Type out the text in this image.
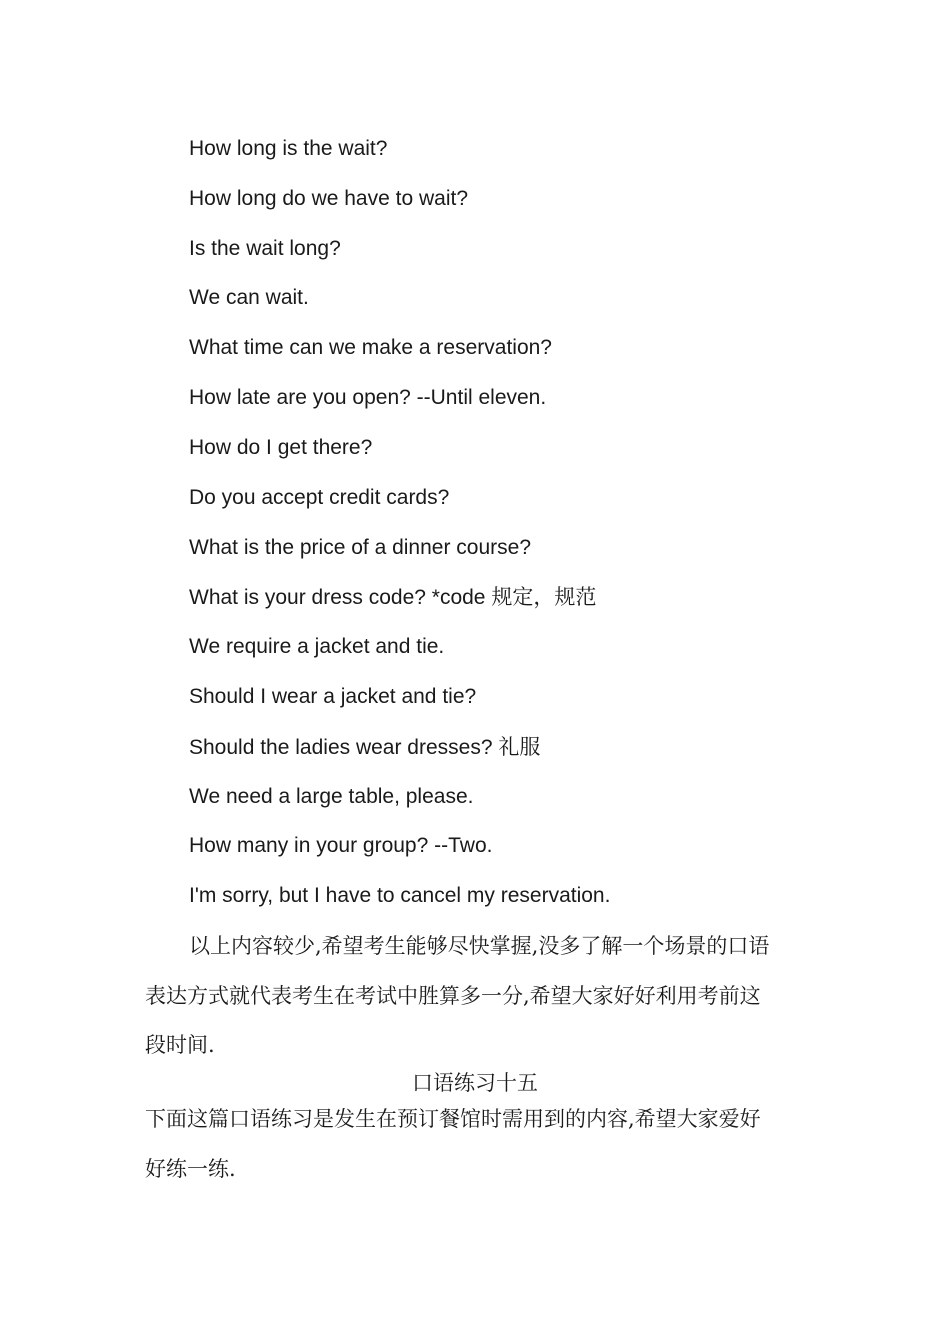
How long is the wait?
How long do we have to wait?
Is the wait long?
We can wait.
What time can we make a reservation?
How late are you open? --Until eleven.
How do I get there?
Do you accept credit cards?
What is the price of a dinner course?
What is your dress code? *code 规定，规范
We require a jacket and tie.
Should I wear a jacket and tie?
Should the ladies wear dresses? 礼服
We need a large table, please.
How many in your group? --Two.
I'm sorry, but I have to cancel my reservation.
以上内容较少,希望考生能够尽快掌握,没多了解一个场景的口语
表达方式就代表考生在考试中胜算多一分,希望大家好好利用考前这
段时间.
口语练习十五
下面这篇口语练习是发生在预订餐馆时需用到的内容,希望大家爱好
好练一练.
